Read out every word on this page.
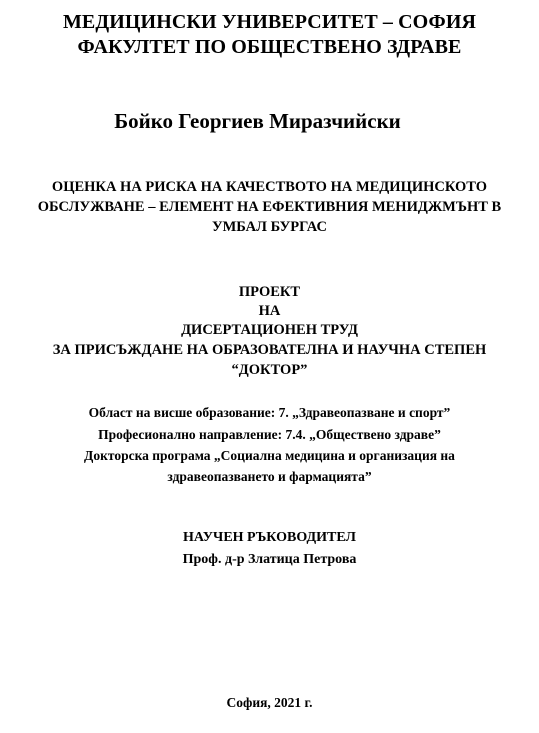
МЕДИЦИНСКИ УНИВЕРСИТЕТ – СОФИЯ
ФАКУЛТЕТ ПО ОБЩЕСТВЕНО ЗДРАВЕ
Бойко Георгиев Миразчийски
ОЦЕНКА НА РИСКА НА КАЧЕСТВОТО НА МЕДИЦИНСКОТО
ОБСЛУЖВАНЕ – ЕЛЕМЕНТ НА ЕФЕКТИВНИЯ МЕНИДЖМЪНТ В
УМБАЛ БУРГАС
ПРОЕКТ
НА
ДИСЕРТАЦИОНЕН ТРУД
ЗА ПРИСЪЖДАНЕ НА ОБРАЗОВАТЕЛНА И НАУЧНА СТЕПЕН
“ДОКТОР”
Област на висше образование: 7. „Здравеопазване и спорт”
Професионално направление: 7.4. „Обществено здраве”
Докторска програма „Социална медицина и организация на
здравеопазването и фармацията”
НАУЧЕН РЪКОВОДИТЕЛ
Проф. д-р Златица Петрова
София, 2021 г.
